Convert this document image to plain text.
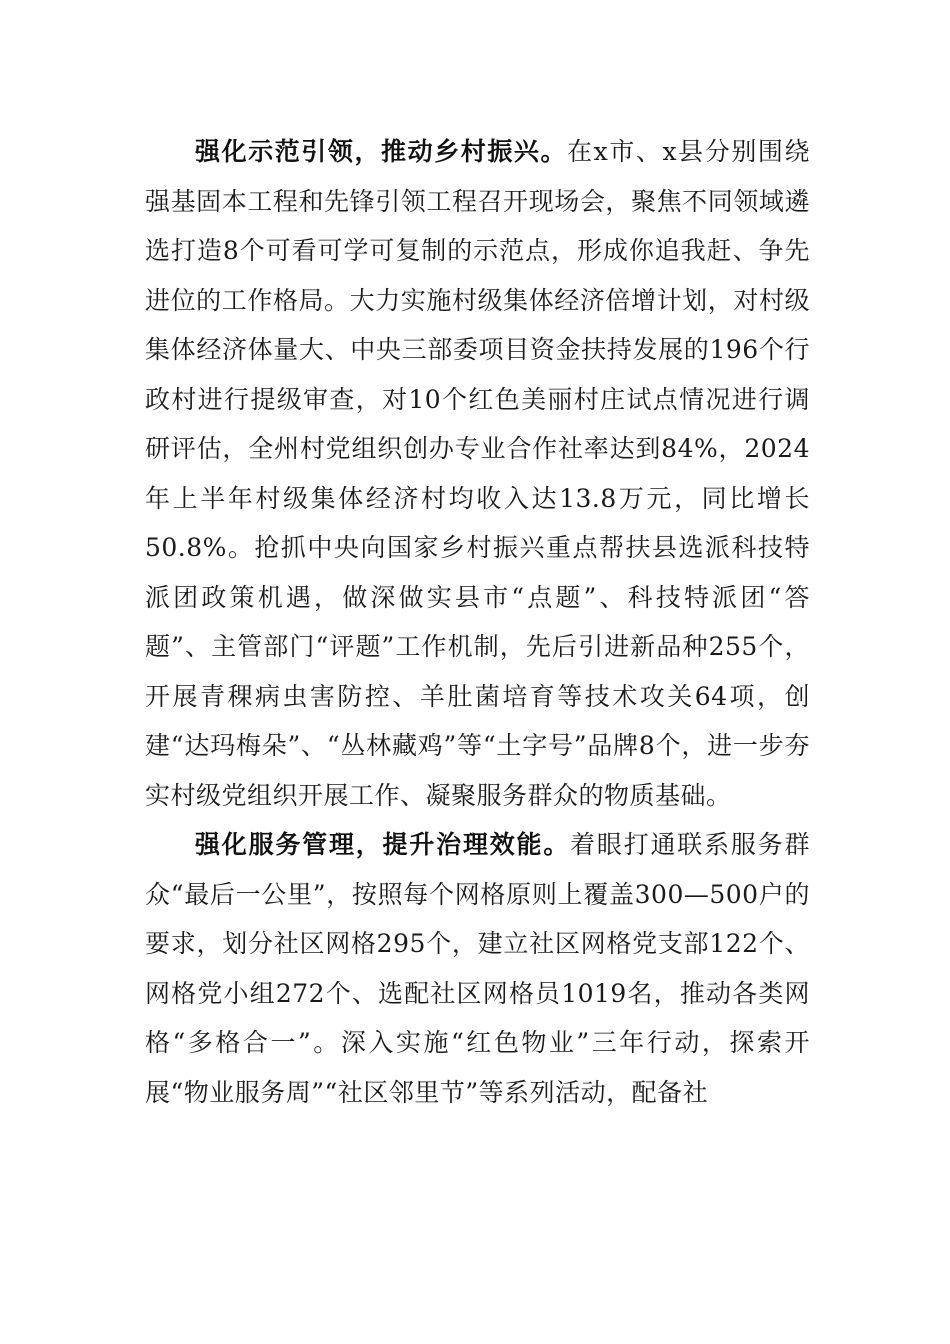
强化示范引领，推动乡村振兴。在x市、x县分别围绕强基固本工程和先锋引领工程召开现场会，聚焦不同领域遴选打造8个可看可学可复制的示范点，形成你追我赶、争先进位的工作格局。大力实施村级集体经济倍增计划，对村级集体经济体量大、中央三部委项目资金扶持发展的196个行政村进行提级审查，对10个红色美丽村庄试点情况进行调研评估，全州村党组织创办专业合作社率达到84%，2024年上半年村级集体经济村均收入达13.8万元，同比增长50.8%。抢抓中央向国家乡村振兴重点帮扶县选派科技特派团政策机遇，做深做实县市“点题”、科技特派团“答题”、主管部门“评题”工作机制，先后引进新品种255个，开展青稞病虫害防控、羊肚菌培育等技术攻关64项，创建“达玛梅朵”、“丛林藏鸡”等“土字号”品牌8个，进一步夯实村级党组织开展工作、凝聚服务群众的物质基础。

强化服务管理，提升治理效能。着眼打通联系服务群众“最后一公里”，按照每个网格原则上覆盖300—500户的要求，划分社区网格295个，建立社区网格党支部122个、网格党小组272个、选配社区网格员1019名，推动各类网格“多格合一”。深入实施“红色物业”三年行动，探索开展“物业服务周”“社区邻里节”等系列活动，配备社
